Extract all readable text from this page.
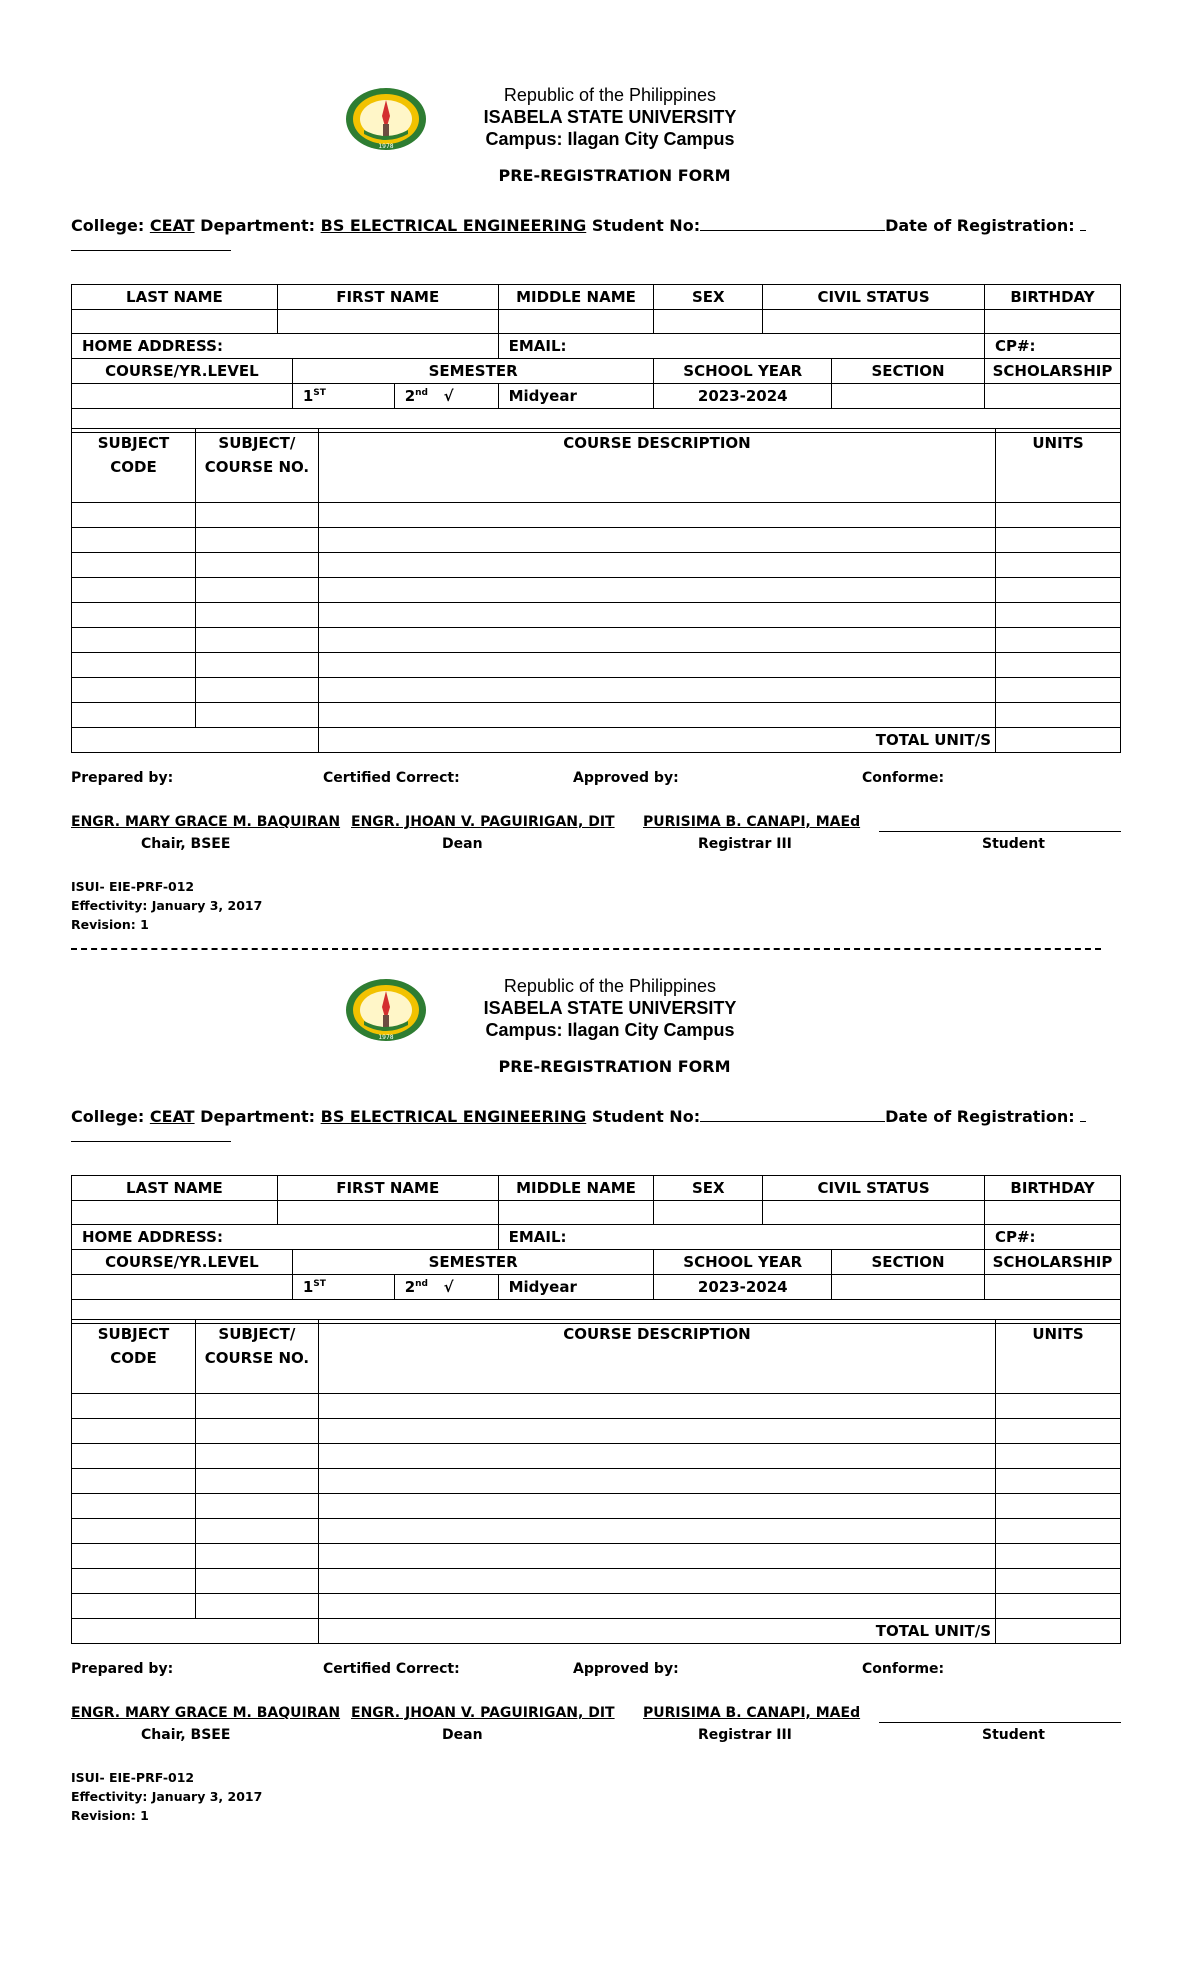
1978
Republic of the Philippines
ISABELA STATE UNIVERSITY
Campus: Ilagan City Campus
PRE-REGISTRATION FORM
College: CEAT Department: BS ELECTRICAL ENGINEERING Student No:	Date of Registration:
LAST NAME	FIRST NAME			MIDDLE NAME	SEX	CIVIL STATUS		BIRTHDAY

HOME ADDRESS:				EMAIL:				CP#:
COURSE/YR.LEVEL		SEMESTER			SCHOOL YEAR		SECTION	SCHOLARSHIP
		1ST	2nd √	Midyear	2023-2024			

SUBJECT CODE	SUBJECT/ COURSE NO.	COURSE DESCRIPTION	UNITS

		TOTAL UNIT/S	
Prepared by:	Certified Correct:	Approved by:	Conforme:
ENGR. MARY GRACE M. BAQUIRAN ENGR. JHOAN V. PAGUIRIGAN, DIT PURISIMA B. CANAPI, MAEd
Chair, BSEE	Dean	Registrar III	Student
ISUI- EIE-PRF-012
Effectivity: January 3, 2017
Revision: 1
1978
Republic of the Philippines
ISABELA STATE UNIVERSITY
Campus: Ilagan City Campus
PRE-REGISTRATION FORM
College: CEAT Department: BS ELECTRICAL ENGINEERING Student No:	Date of Registration:
LAST NAME	FIRST NAME			MIDDLE NAME	SEX	CIVIL STATUS		BIRTHDAY

HOME ADDRESS:				EMAIL:				CP#:
COURSE/YR.LEVEL		SEMESTER			SCHOOL YEAR		SECTION	SCHOLARSHIP
		1ST	2nd √	Midyear	2023-2024			

SUBJECT CODE	SUBJECT/ COURSE NO.	COURSE DESCRIPTION	UNITS

		TOTAL UNIT/S	
Prepared by:	Certified Correct:	Approved by:	Conforme:
ENGR. MARY GRACE M. BAQUIRAN ENGR. JHOAN V. PAGUIRIGAN, DIT PURISIMA B. CANAPI, MAEd
Chair, BSEE	Dean	Registrar III	Student
ISUI- EIE-PRF-012
Effectivity: January 3, 2017
Revision: 1
